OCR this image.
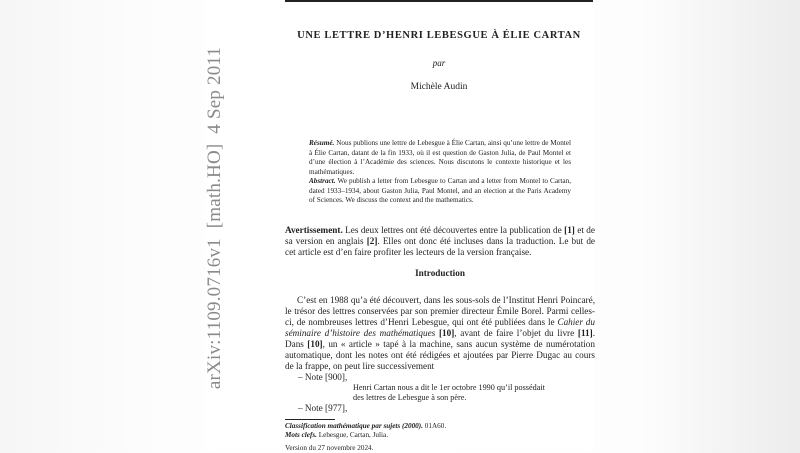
arXiv:1109.0716v1  [math.HO]  4 Sep 2011
UNE LETTRE D’HENRI LEBESGUE À ÉLIE CARTAN
par
Michèle Audin
Résumé. Nous publions une lettre de Lebesgue à Élie Cartan, ainsi qu’une lettre de Montel à Élie Cartan, datant de la fin 1933, où il est question de Gaston Julia, de Paul Montel et d’une élection à l’Académie des sciences. Nous discutons le contexte historique et les mathématiques.
Abstract. We publish a letter from Lebesgue to Cartan and a letter from Montel to Cartan, dated 1933–1934, about Gaston Julia, Paul Montel, and an election at the Paris Academy of Sciences. We discuss the context and the mathematics.
Avertissement. Les deux lettres ont été découvertes entre la publication de [1] et de sa version en anglais [2]. Elles ont donc été incluses dans la traduction. Le but de cet article est d’en faire profiter les lecteurs de la version française.
Introduction
C’est en 1988 qu’a été découvert, dans les sous-sols de l’Institut Henri Poincaré, le trésor des lettres conservées par son premier directeur Émile Borel. Parmi celles-ci, de nombreuses lettres d’Henri Lebesgue, qui ont été publiées dans le Cahier du séminaire d’histoire des mathématiques [10], avant de faire l’objet du livre [11]. Dans [10], un « article » tapé à la machine, sans aucun système de numérotation automatique, dont les notes ont été rédigées et ajoutées par Pierre Dugac au cours de la frappe, on peut lire successivement
– Note [900],
Henri Cartan nous a dit le 1er octobre 1990 qu’il possédait
des lettres de Lebesgue à son père.
– Note [977],
Classification mathématique par sujets (2000). 01A60.
Mots clefs. Lebesgue, Cartan, Julia.
Version du 27 novembre 2024.
